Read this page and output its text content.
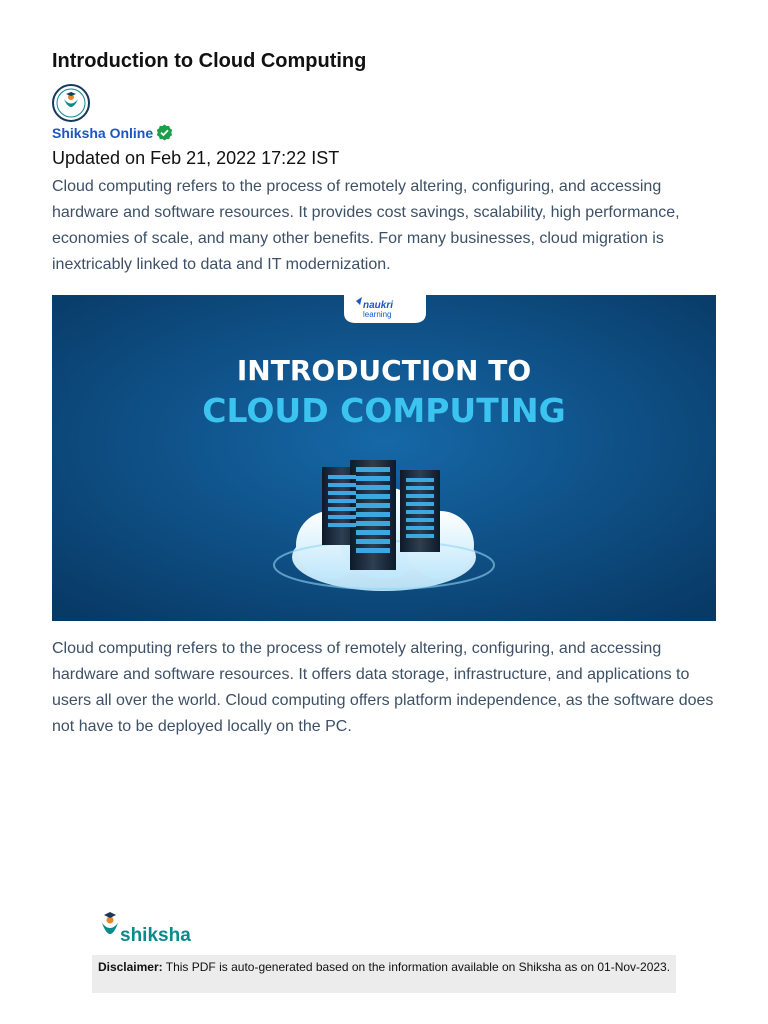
Introduction to Cloud Computing
Shiksha Online
Updated on Feb 21, 2022 17:22 IST
Cloud computing refers to the process of remotely altering, configuring, and accessing hardware and software resources. It provides cost savings, scalability, high performance, economies of scale, and many other benefits. For many businesses, cloud migration is inextricably linked to data and IT modernization.
naukri
learning
INTRODUCTION TO
CLOUD COMPUTING
Cloud computing refers to the process of remotely altering, configuring, and accessing hardware and software resources. It offers data storage, infrastructure, and applications to users all over the world. Cloud computing offers platform independence, as the software does not have to be deployed locally on the PC.
shiksha
Disclaimer: This PDF is auto-generated based on the information available on Shiksha as on 01-Nov-2023.
